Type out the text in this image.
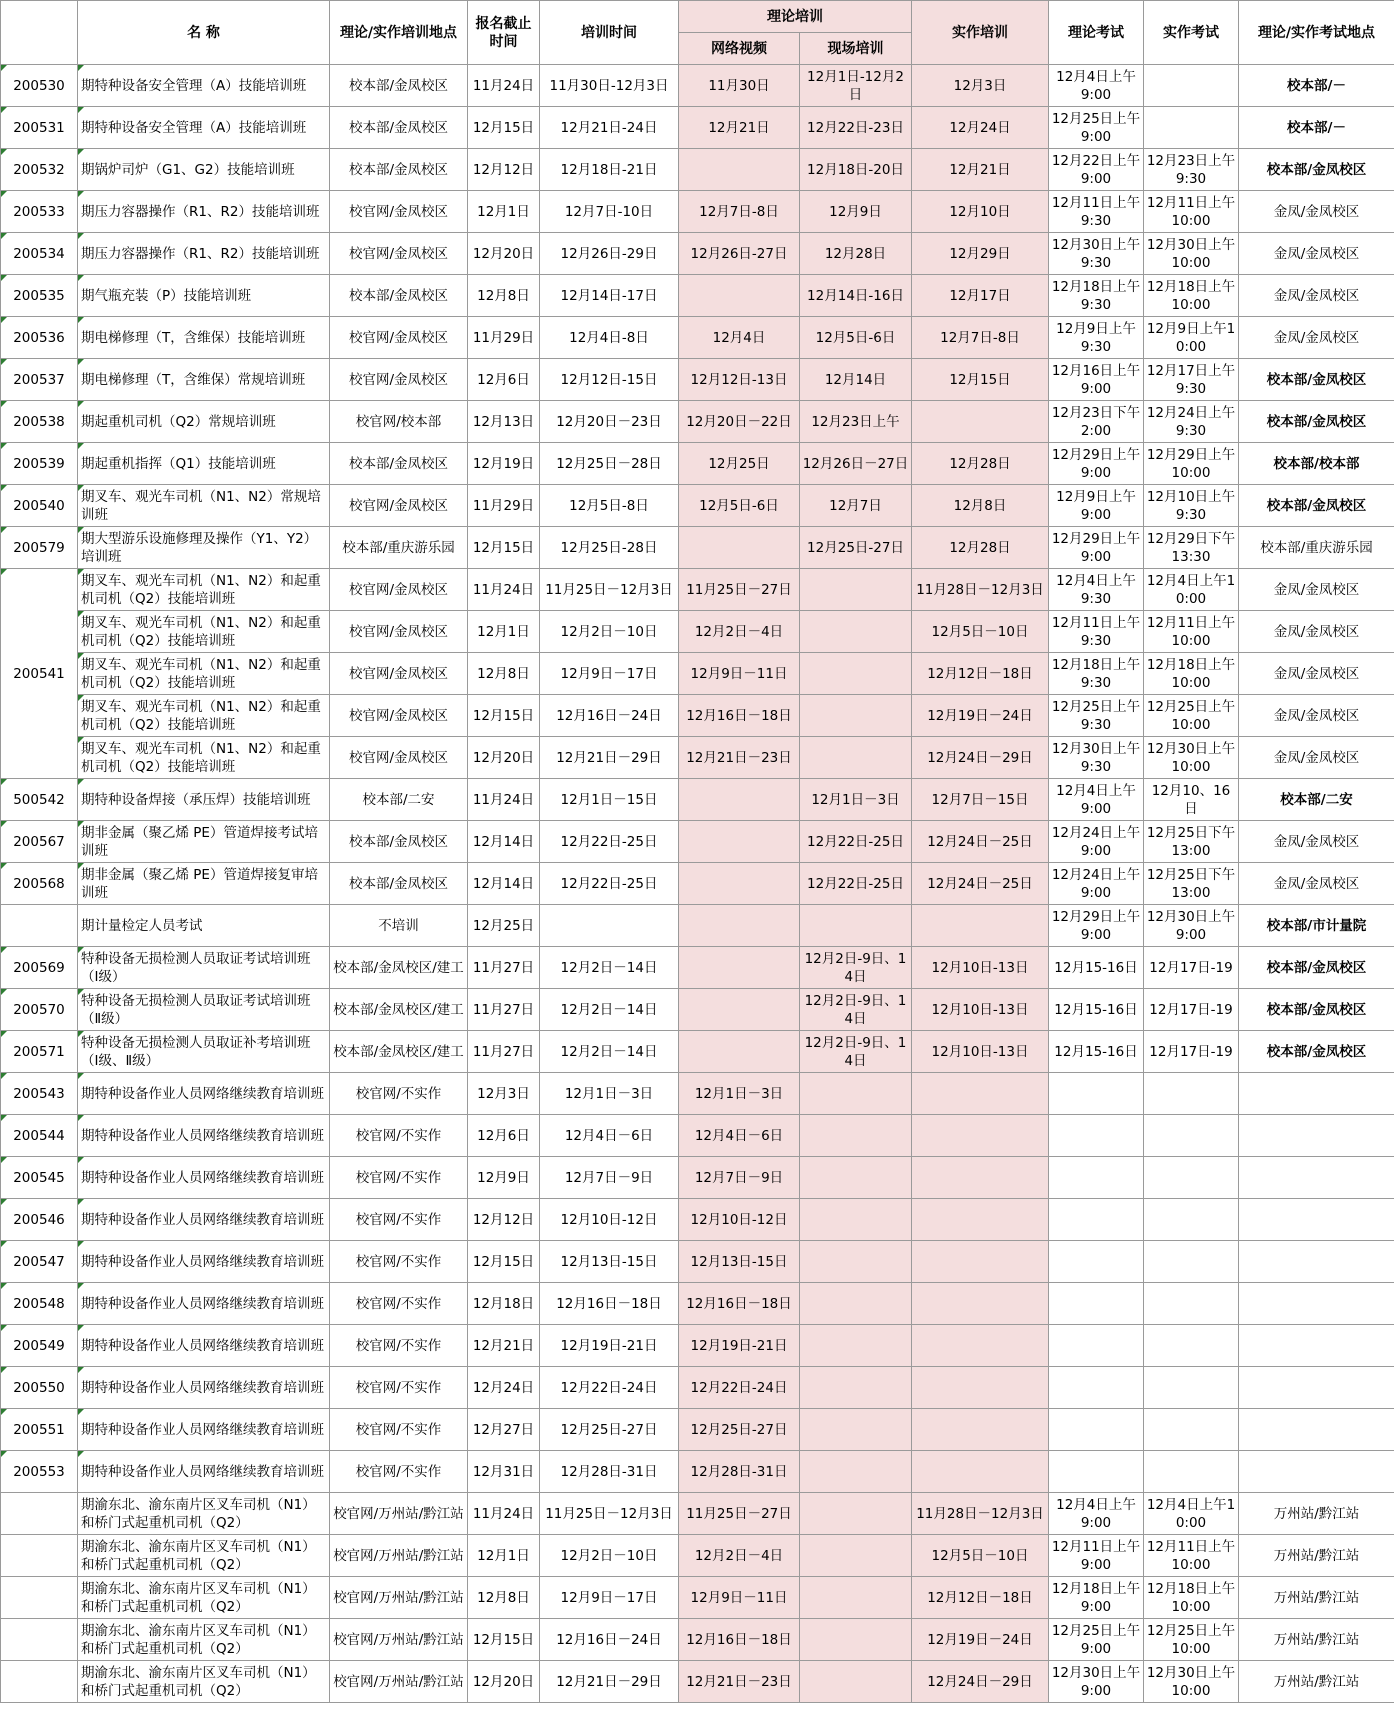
	名 称	理论/实作培训地点	报名截止时间	培训时间	理论培训		实作培训	理论考试	实作考试	理论/实作考试地点
					网络视频	现场培训				
200530	期特种设备安全管理（A）技能培训班	校本部/金凤校区	11月24日	11月30日-12月3日	11月30日	12月1日-12月2日	12月3日	12月4日上午9:00		校本部/－
200531	期特种设备安全管理（A）技能培训班	校本部/金凤校区	12月15日	12月21日-24日	12月21日	12月22日-23日	12月24日	12月25日上午9:00		校本部/－
200532	期锅炉司炉（G1、G2）技能培训班	校本部/金凤校区	12月12日	12月18日-21日		12月18日-20日	12月21日	12月22日上午9:00	12月23日上午9:30	校本部/金凤校区
200533	期压力容器操作（R1、R2）技能培训班	校官网/金凤校区	12月1日	12月7日-10日	12月7日-8日	12月9日	12月10日	12月11日上午9:30	12月11日上午10:00	金凤/金凤校区
200534	期压力容器操作（R1、R2）技能培训班	校官网/金凤校区	12月20日	12月26日-29日	12月26日-27日	12月28日	12月29日	12月30日上午9:30	12月30日上午10:00	金凤/金凤校区
200535	期气瓶充装（P）技能培训班	校本部/金凤校区	12月8日	12月14日-17日		12月14日-16日	12月17日	12月18日上午9:30	12月18日上午10:00	金凤/金凤校区
200536	期电梯修理（T，含维保）技能培训班	校官网/金凤校区	11月29日	12月4日-8日	12月4日	12月5日-6日	12月7日-8日	12月9日上午9:30	12月9日上午10:00	金凤/金凤校区
200537	期电梯修理（T，含维保）常规培训班	校官网/金凤校区	12月6日	12月12日-15日	12月12日-13日	12月14日	12月15日	12月16日上午9:00	12月17日上午9:30	校本部/金凤校区
200538	期起重机司机（Q2）常规培训班	校官网/校本部	12月13日	12月20日－23日	12月20日－22日	12月23日上午		12月23日下午2:00	12月24日上午9:30	校本部/金凤校区
200539	期起重机指挥（Q1）技能培训班	校本部/金凤校区	12月19日	12月25日－28日	12月25日	12月26日－27日	12月28日	12月29日上午9:00	12月29日上午10:00	校本部/校本部
200540	期叉车、观光车司机（N1、N2）常规培训班	校官网/金凤校区	11月29日	12月5日-8日	12月5日-6日	12月7日	12月8日	12月9日上午9:00	12月10日上午9:30	校本部/金凤校区
200579	期大型游乐设施修理及操作（Y1、Y2）培训班	校本部/重庆游乐园	12月15日	12月25日-28日		12月25日-27日	12月28日	12月29日上午9:00	12月29日下午13:30	校本部/重庆游乐园
200541	期叉车、观光车司机（N1、N2）和起重机司机（Q2）技能培训班	校官网/金凤校区	11月24日	11月25日－12月3日	11月25日－27日		11月28日－12月3日	12月4日上午9:30	12月4日上午10:00	金凤/金凤校区
	期叉车、观光车司机（N1、N2）和起重机司机（Q2）技能培训班	校官网/金凤校区	12月1日	12月2日－10日	12月2日－4日		12月5日－10日	12月11日上午9:30	12月11日上午10:00	金凤/金凤校区
	期叉车、观光车司机（N1、N2）和起重机司机（Q2）技能培训班	校官网/金凤校区	12月8日	12月9日－17日	12月9日－11日		12月12日－18日	12月18日上午9:30	12月18日上午10:00	金凤/金凤校区
	期叉车、观光车司机（N1、N2）和起重机司机（Q2）技能培训班	校官网/金凤校区	12月15日	12月16日－24日	12月16日－18日		12月19日－24日	12月25日上午9:30	12月25日上午10:00	金凤/金凤校区
	期叉车、观光车司机（N1、N2）和起重机司机（Q2）技能培训班	校官网/金凤校区	12月20日	12月21日－29日	12月21日－23日		12月24日－29日	12月30日上午9:30	12月30日上午10:00	金凤/金凤校区
500542	期特种设备焊接（承压焊）技能培训班	校本部/二安	11月24日	12月1日－15日		12月1日－3日	12月7日－15日	12月4日上午9:00	12月10、16日	校本部/二安
200567	期非金属（聚乙烯 PE）管道焊接考试培训班	校本部/金凤校区	12月14日	12月22日-25日		12月22日-25日	12月24日－25日	12月24日上午9:00	12月25日下午13:00	金凤/金凤校区
200568	期非金属（聚乙烯 PE）管道焊接复审培训班	校本部/金凤校区	12月14日	12月22日-25日		12月22日-25日	12月24日－25日	12月24日上午9:00	12月25日下午13:00	金凤/金凤校区
	期计量检定人员考试	不培训	12月25日					12月29日上午9:00	12月30日上午9:00	校本部/市计量院
200569	特种设备无损检测人员取证考试培训班（Ⅰ级）	校本部/金凤校区/建工	11月27日	12月2日－14日		12月2日-9日、14日	12月10日-13日	12月15-16日	12月17日-19	校本部/金凤校区
200570	特种设备无损检测人员取证考试培训班（Ⅱ级）	校本部/金凤校区/建工	11月27日	12月2日－14日		12月2日-9日、14日	12月10日-13日	12月15-16日	12月17日-19	校本部/金凤校区
200571	特种设备无损检测人员取证补考培训班（Ⅰ级、Ⅱ级）	校本部/金凤校区/建工	11月27日	12月2日－14日		12月2日-9日、14日	12月10日-13日	12月15-16日	12月17日-19	校本部/金凤校区
200543	期特种设备作业人员网络继续教育培训班	校官网/不实作	12月3日	12月1日－3日	12月1日－3日					
200544	期特种设备作业人员网络继续教育培训班	校官网/不实作	12月6日	12月4日－6日	12月4日－6日					
200545	期特种设备作业人员网络继续教育培训班	校官网/不实作	12月9日	12月7日－9日	12月7日－9日					
200546	期特种设备作业人员网络继续教育培训班	校官网/不实作	12月12日	12月10日-12日	12月10日-12日					
200547	期特种设备作业人员网络继续教育培训班	校官网/不实作	12月15日	12月13日-15日	12月13日-15日					
200548	期特种设备作业人员网络继续教育培训班	校官网/不实作	12月18日	12月16日－18日	12月16日－18日					
200549	期特种设备作业人员网络继续教育培训班	校官网/不实作	12月21日	12月19日-21日	12月19日-21日					
200550	期特种设备作业人员网络继续教育培训班	校官网/不实作	12月24日	12月22日-24日	12月22日-24日					
200551	期特种设备作业人员网络继续教育培训班	校官网/不实作	12月27日	12月25日-27日	12月25日-27日					
200553	期特种设备作业人员网络继续教育培训班	校官网/不实作	12月31日	12月28日-31日	12月28日-31日					
	期渝东北、渝东南片区叉车司机（N1）和桥门式起重机司机（Q2）	校官网/万州站/黔江站	11月24日	11月25日－12月3日	11月25日－27日		11月28日－12月3日	12月4日上午9:00	12月4日上午10:00	万州站/黔江站
	期渝东北、渝东南片区叉车司机（N1）和桥门式起重机司机（Q2）	校官网/万州站/黔江站	12月1日	12月2日－10日	12月2日－4日		12月5日－10日	12月11日上午9:00	12月11日上午10:00	万州站/黔江站
	期渝东北、渝东南片区叉车司机（N1）和桥门式起重机司机（Q2）	校官网/万州站/黔江站	12月8日	12月9日－17日	12月9日－11日		12月12日－18日	12月18日上午9:00	12月18日上午10:00	万州站/黔江站
	期渝东北、渝东南片区叉车司机（N1）和桥门式起重机司机（Q2）	校官网/万州站/黔江站	12月15日	12月16日－24日	12月16日－18日		12月19日－24日	12月25日上午9:00	12月25日上午10:00	万州站/黔江站
	期渝东北、渝东南片区叉车司机（N1）和桥门式起重机司机（Q2）	校官网/万州站/黔江站	12月20日	12月21日－29日	12月21日－23日		12月24日－29日	12月30日上午9:00	12月30日上午10:00	万州站/黔江站
